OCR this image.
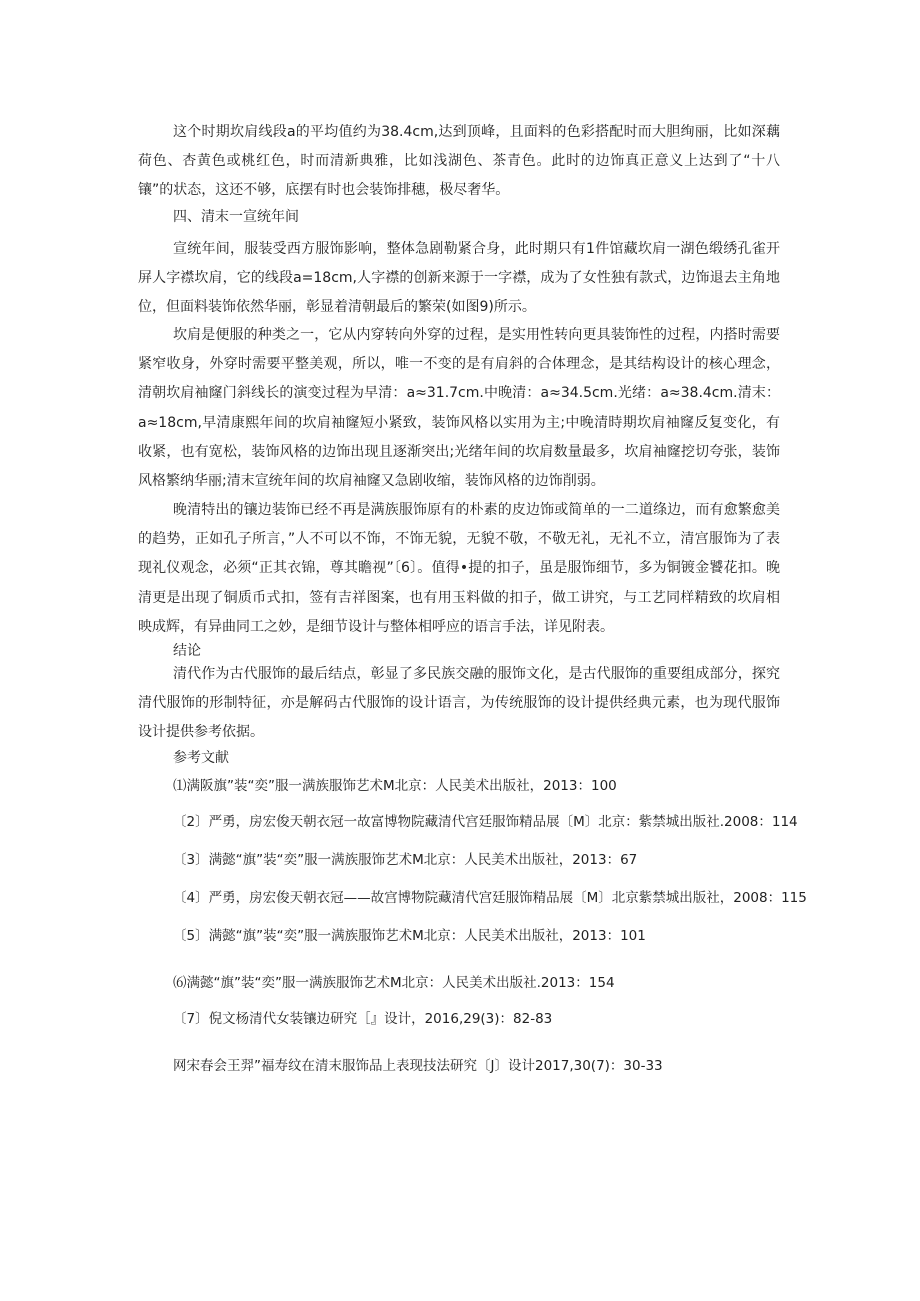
这个时期坎肩线段a的平均值约为38.4cm,达到顶峰，且面料的色彩搭配时而大胆绚丽，比如深藕荷色、杏黄色或桃红色，时而清新典雅，比如浅湖色、茶青色。此时的边饰真正意义上达到了“十八镶”的状态，这还不够，底摆有时也会装饰排穗，极尽奢华。

四、清末一宣统年间

宣统年间，服装受西方服饰影响，整体急剧勒紧合身，此时期只有1件馆藏坎肩一湖色缎绣孔雀开屏人字襟坎肩，它的线段a=18cm,人字襟的创新来源于一字襟，成为了女性独有款式，边饰退去主角地位，但面料装饰依然华丽，彰显着清朝最后的繁荣(如图9)所示。

坎肩是便服的种类之一，它从内穿转向外穿的过程，是实用性转向更具装饰性的过程，内搭时需要紧窄收身，外穿时需要平整美观，所以，唯一不变的是有肩斜的合体理念，是其结构设计的核心理念，清朝坎肩袖窿门斜线长的演变过程为早清：a≈31.7cm.中晚清：a≈34.5cm.光绪：a≈38.4cm.清末：a≈18cm,早清康熙年间的坎肩袖窿短小紧致，装饰风格以实用为主;中晚清時期坎肩袖窿反复变化，有收紧，也有宽松，装饰风格的边饰出现且逐渐突出;光绪年间的坎肩数量最多，坎肩袖窿挖切夸张，装饰风格繁纳华丽;清末宣统年间的坎肩袖窿又急剧收缩，装饰风格的边饰削弱。

晚清特出的镶边装饰已经不再是满族服饰原有的朴素的皮边饰或简单的一二道绦边，而有愈繁愈美的趋势，正如孔子所言，”人不可以不饰，不饰无貌，无貌不敬，不敬无礼，无礼不立，清宫服饰为了表现礼仪观念，必须“正其衣锦，尊其瞻视”〔6〕。值得•提的扣子，虽是服饰细节，多为铜镀金饕花扣。晚清更是出现了铜质币式扣，签有吉祥图案，也有用玉料做的扣子，做工讲究，与工艺同样精致的坎肩相映成辉，有异曲同工之妙，是细节设计与整体相呼应的语言手法，详见附表。

结论

清代作为古代服饰的最后结点，彰显了多民族交融的服饰文化，是古代服饰的重要组成部分，探究清代服饰的形制特征，亦是解码古代服饰的设计语言，为传统服饰的设计提供经典元素，也为现代服饰设计提供参考依据。

参考文献

⑴满阪旗”装“奕”服一满族服饰艺术M北京：人民美术出版社，2013：100

〔2〕严勇，房宏俊天朝衣冠一故富博物院藏清代宫廷服饰精品展〔M〕北京：紫禁城出版社.2008：114

〔3〕满懿“旗”装“奕”服一满族服饰艺术M北京：人民美术出版社，2013：67

〔4〕严勇，房宏俊天朝衣冠——故宫博物院藏清代宫廷服饰精品展〔M〕北京紫禁城出版社，2008：115

〔5〕满懿“旗”装“奕”服一满族服饰艺术M北京：人民美术出版社，2013：101

⑹满懿“旗”装“奕”服一满族服饰艺术M北京：人民美术出版社.2013：154

〔7〕倪文杨清代女装镶边研究［』设计，2016,29(3)：82-83

网宋春会王羿”福寿纹在清末服饰品上表现技法研究〔J〕设计2017,30(7)：30-33
